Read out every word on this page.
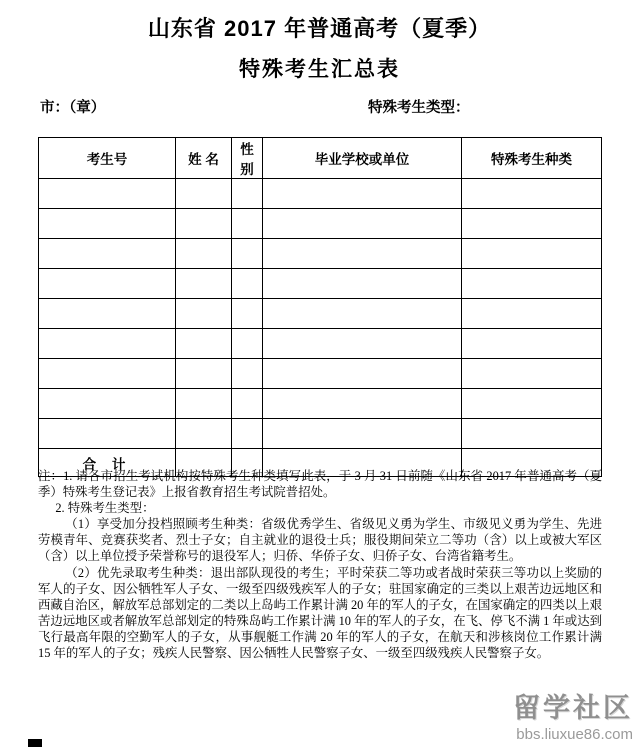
山东省 2017 年普通高考（夏季）
特殊考生汇总表
市：（章）	特殊考生类型：
考生号	姓 名	性 别	毕业学校或单位	特殊考生种类

合 计				

注：1. 请各市招生考试机构按特殊考生种类填写此表，于 3 月 31 日前随《山东省 2017 年普通高考（夏季）特殊考生登记表》上报省教育招生考试院普招处。

2. 特殊考生类型：

（1）享受加分投档照顾考生种类：省级优秀学生、省级见义勇为学生、市级见义勇为学生、先进劳模青年、竞赛获奖者、烈士子女；自主就业的退役士兵；服役期间荣立二等功（含）以上或被大军区（含）以上单位授予荣誉称号的退役军人；归侨、华侨子女、归侨子女、台湾省籍考生。

（2）优先录取考生种类：退出部队现役的考生；平时荣获二等功或者战时荣获三等功以上奖励的军人的子女、因公牺牲军人子女、一级至四级残疾军人的子女；驻国家确定的三类以上艰苦边远地区和西藏自治区，解放军总部划定的二类以上岛屿工作累计满 20 年的军人的子女，在国家确定的四类以上艰苦边远地区或者解放军总部划定的特殊岛屿工作累计满 10 年的军人的子女，在飞、停飞不满 1 年或达到飞行最高年限的空勤军人的子女，从事舰艇工作满 20 年的军人的子女，在航天和涉核岗位工作累计满 15 年的军人的子女；残疾人民警察、因公牺牲人民警察子女、一级至四级残疾人民警察子女。

留学社区
bbs.liuxue86.com
